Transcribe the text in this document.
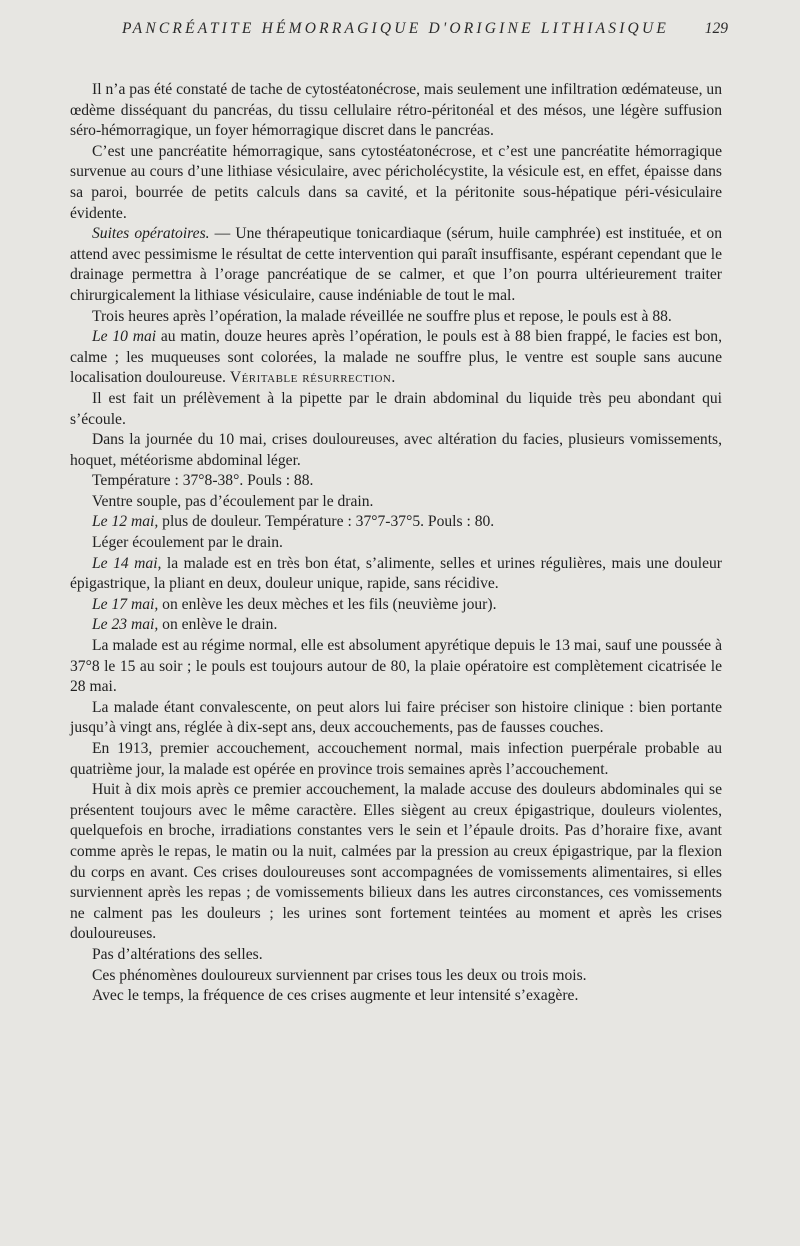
PANCRÉATITE HÉMORRAGIQUE D'ORIGINE LITHIASIQUE 129

Il n’a pas été constaté de tache de cytostéatonécrose, mais seulement une infiltration œdémateuse, un œdème disséquant du pancréas, du tissu cellulaire rétro-péritonéal et des mésos, une légère suffusion séro-hémorragique, un foyer hémorragique discret dans le pancréas.

C’est une pancréatite hémorragique, sans cytostéatonécrose, et c’est une pancréatite hémorragique survenue au cours d’une lithiase vésiculaire, avec péricholécystite, la vésicule est, en effet, épaisse dans sa paroi, bourrée de petits calculs dans sa cavité, et la péritonite sous-hépatique péri-vésiculaire évidente.

Suites opératoires. — Une thérapeutique tonicardiaque (sérum, huile camphrée) est instituée, et on attend avec pessimisme le résultat de cette intervention qui paraît insuffisante, espérant cependant que le drainage permettra à l’orage pancréatique de se calmer, et que l’on pourra ultérieurement traiter chirurgicalement la lithiase vésiculaire, cause indéniable de tout le mal.

Trois heures après l’opération, la malade réveillée ne souffre plus et repose, le pouls est à 88.

Le 10 mai au matin, douze heures après l’opération, le pouls est à 88 bien frappé, le facies est bon, calme ; les muqueuses sont colorées, la malade ne souffre plus, le ventre est souple sans aucune localisation douloureuse. Véritable résurrection.

Il est fait un prélèvement à la pipette par le drain abdominal du liquide très peu abondant qui s’écoule.

Dans la journée du 10 mai, crises douloureuses, avec altération du facies, plusieurs vomissements, hoquet, météorisme abdominal léger.

Température : 37°8-38°. Pouls : 88.

Ventre souple, pas d’écoulement par le drain.

Le 12 mai, plus de douleur. Température : 37°7-37°5. Pouls : 80.

Léger écoulement par le drain.

Le 14 mai, la malade est en très bon état, s’alimente, selles et urines régulières, mais une douleur épigastrique, la pliant en deux, douleur unique, rapide, sans récidive.

Le 17 mai, on enlève les deux mèches et les fils (neuvième jour).

Le 23 mai, on enlève le drain.

La malade est au régime normal, elle est absolument apyrétique depuis le 13 mai, sauf une poussée à 37°8 le 15 au soir ; le pouls est toujours autour de 80, la plaie opératoire est complètement cicatrisée le 28 mai.

La malade étant convalescente, on peut alors lui faire préciser son histoire clinique : bien portante jusqu’à vingt ans, réglée à dix-sept ans, deux accouchements, pas de fausses couches.

En 1913, premier accouchement, accouchement normal, mais infection puerpérale probable au quatrième jour, la malade est opérée en province trois semaines après l’accouchement.

Huit à dix mois après ce premier accouchement, la malade accuse des douleurs abdominales qui se présentent toujours avec le même caractère. Elles siègent au creux épigastrique, douleurs violentes, quelquefois en broche, irradiations constantes vers le sein et l’épaule droits. Pas d’horaire fixe, avant comme après le repas, le matin ou la nuit, calmées par la pression au creux épigastrique, par la flexion du corps en avant. Ces crises douloureuses sont accompagnées de vomissements alimentaires, si elles surviennent après les repas ; de vomissements bilieux dans les autres circonstances, ces vomissements ne calment pas les douleurs ; les urines sont fortement teintées au moment et après les crises douloureuses.

Pas d’altérations des selles.

Ces phénomènes douloureux surviennent par crises tous les deux ou trois mois.

Avec le temps, la fréquence de ces crises augmente et leur intensité s’exagère.
